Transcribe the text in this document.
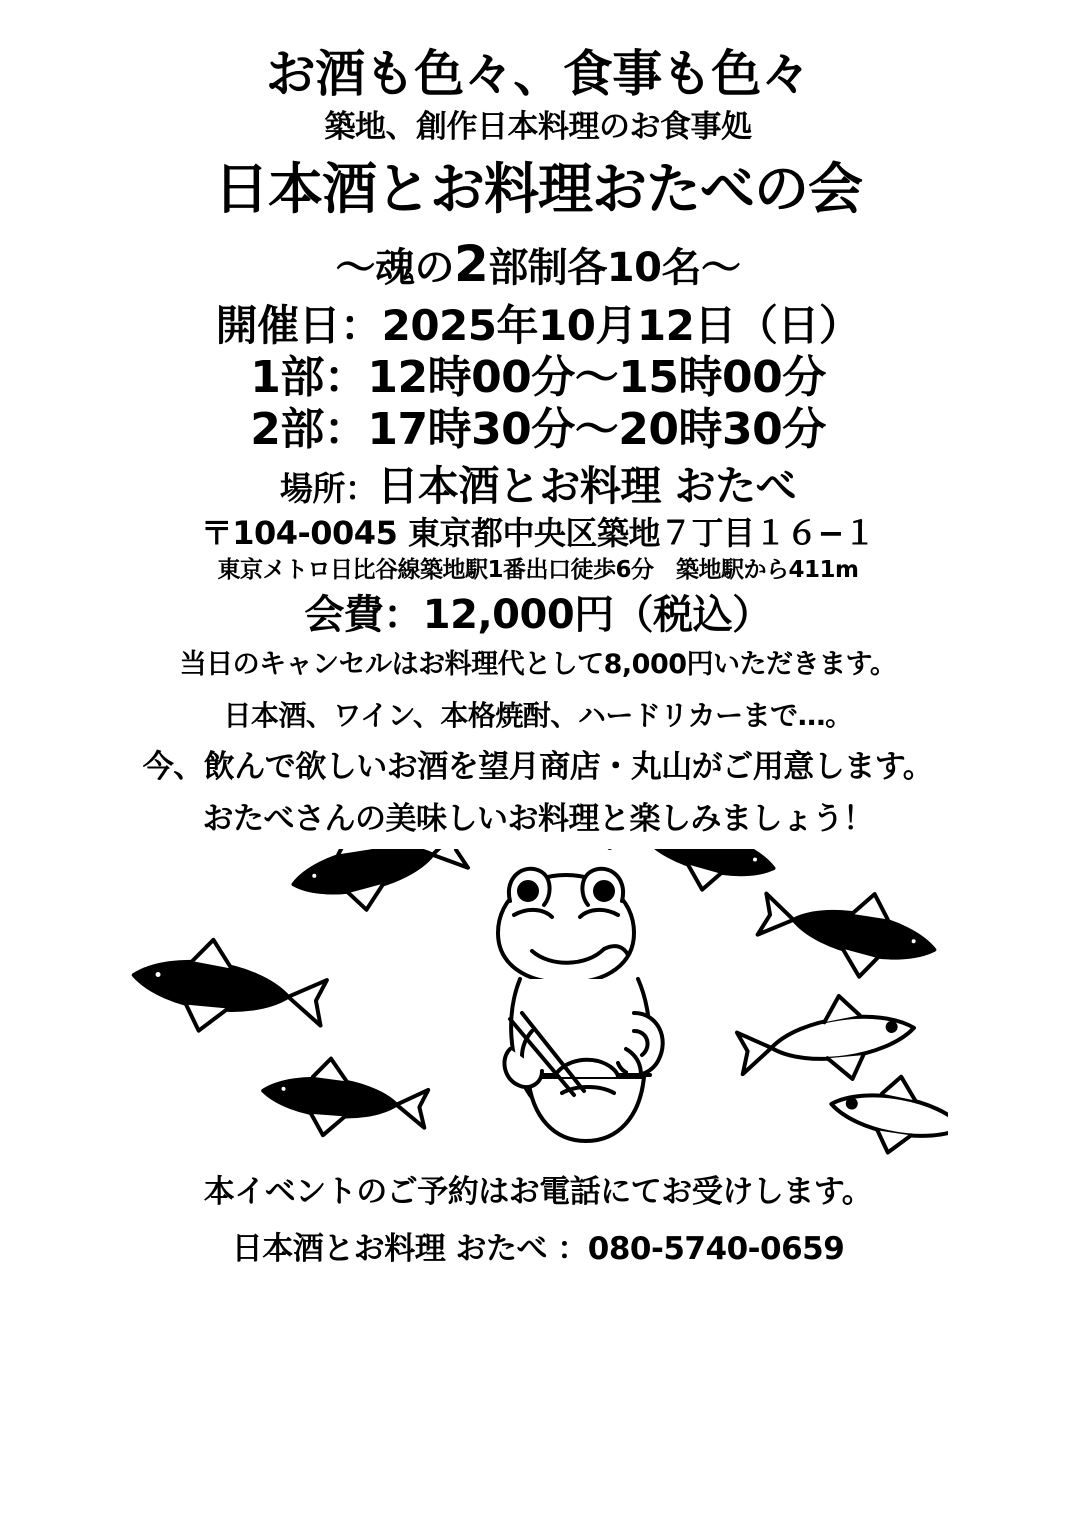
お酒も色々、食事も色々
築地、創作日本料理のお食事処
日本酒とお料理おたべの会
〜魂の2部制各10名〜
開催日：2025年10月12日（日）
1部：12時00分〜15時00分
2部：17時30分〜20時30分
場所：日本酒とお料理 おたべ
〒104-0045 東京都中央区築地７丁目１６−１
東京メトロ日比谷線築地駅1番出口徒歩6分　築地駅から411m
会費：12,000円（税込）
当日のキャンセルはお料理代として8,000円いただきます。
日本酒、ワイン、本格焼酎、ハードリカーまで…。
今、飲んで欲しいお酒を望月商店・丸山がご用意します。
おたべさんの美味しいお料理と楽しみましょう！
本イベントのご予約はお電話にてお受けします。
日本酒とお料理 おたべ ：080-5740-0659
